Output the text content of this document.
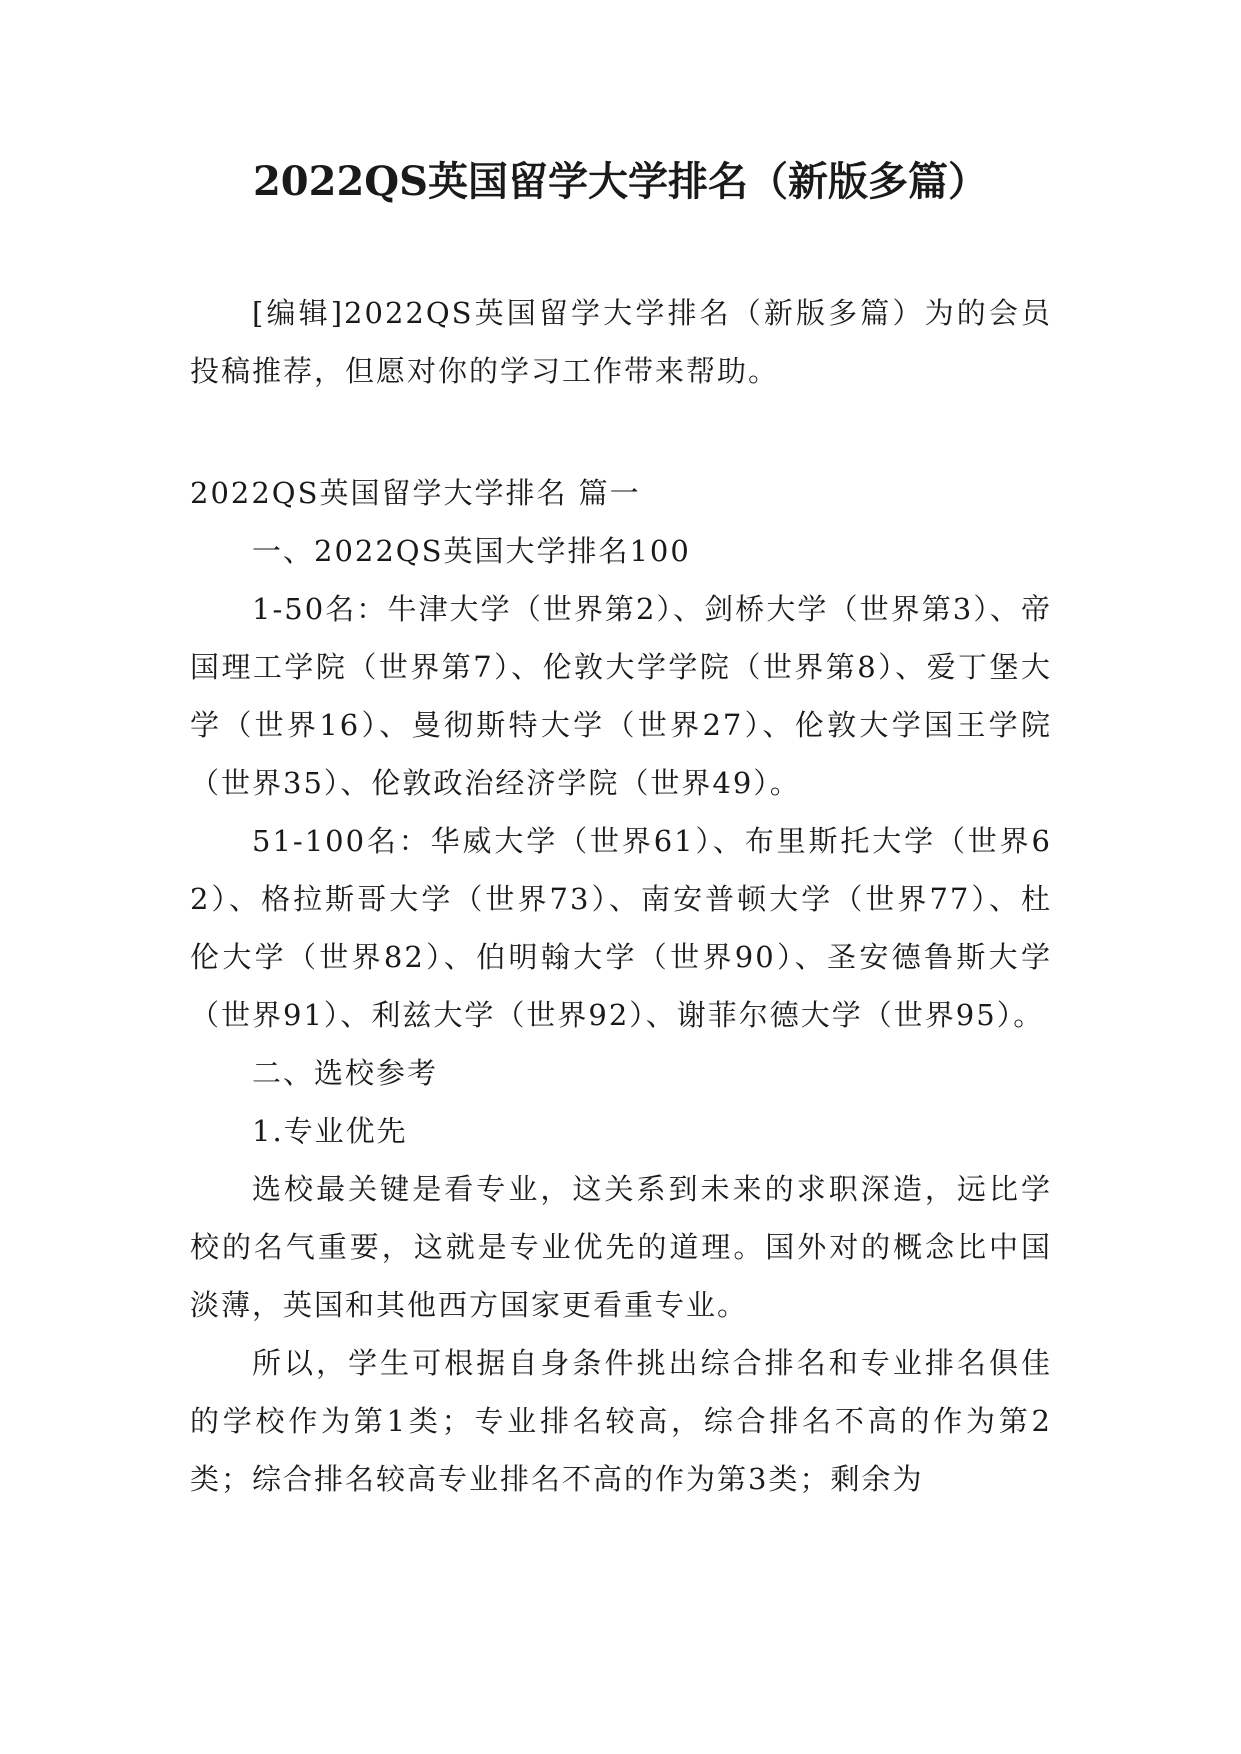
2022QS英国留学大学排名（新版多篇）

[编辑]2022QS英国留学大学排名（新版多篇）为的会员投稿推荐，但愿对你的学习工作带来帮助。

2022QS英国留学大学排名 篇一

一、2022QS英国大学排名100

1-50名：牛津大学（世界第2）、剑桥大学（世界第3）、帝国理工学院（世界第7）、伦敦大学学院（世界第8）、爱丁堡大学（世界16）、曼彻斯特大学（世界27）、伦敦大学国王学院（世界35）、伦敦政治经济学院（世界49）。

51-100名：华威大学（世界61）、布里斯托大学（世界62）、格拉斯哥大学（世界73）、南安普顿大学（世界77）、杜伦大学（世界82）、伯明翰大学（世界90）、圣安德鲁斯大学（世界91）、利兹大学（世界92）、谢菲尔德大学（世界95）。

二、选校参考

1.专业优先

选校最关键是看专业，这关系到未来的求职深造，远比学校的名气重要，这就是专业优先的道理。国外对的概念比中国淡薄，英国和其他西方国家更看重专业。

所以，学生可根据自身条件挑出综合排名和专业排名俱佳的学校作为第1类；专业排名较高，综合排名不高的作为第2类；综合排名较高专业排名不高的作为第3类；剩余为
